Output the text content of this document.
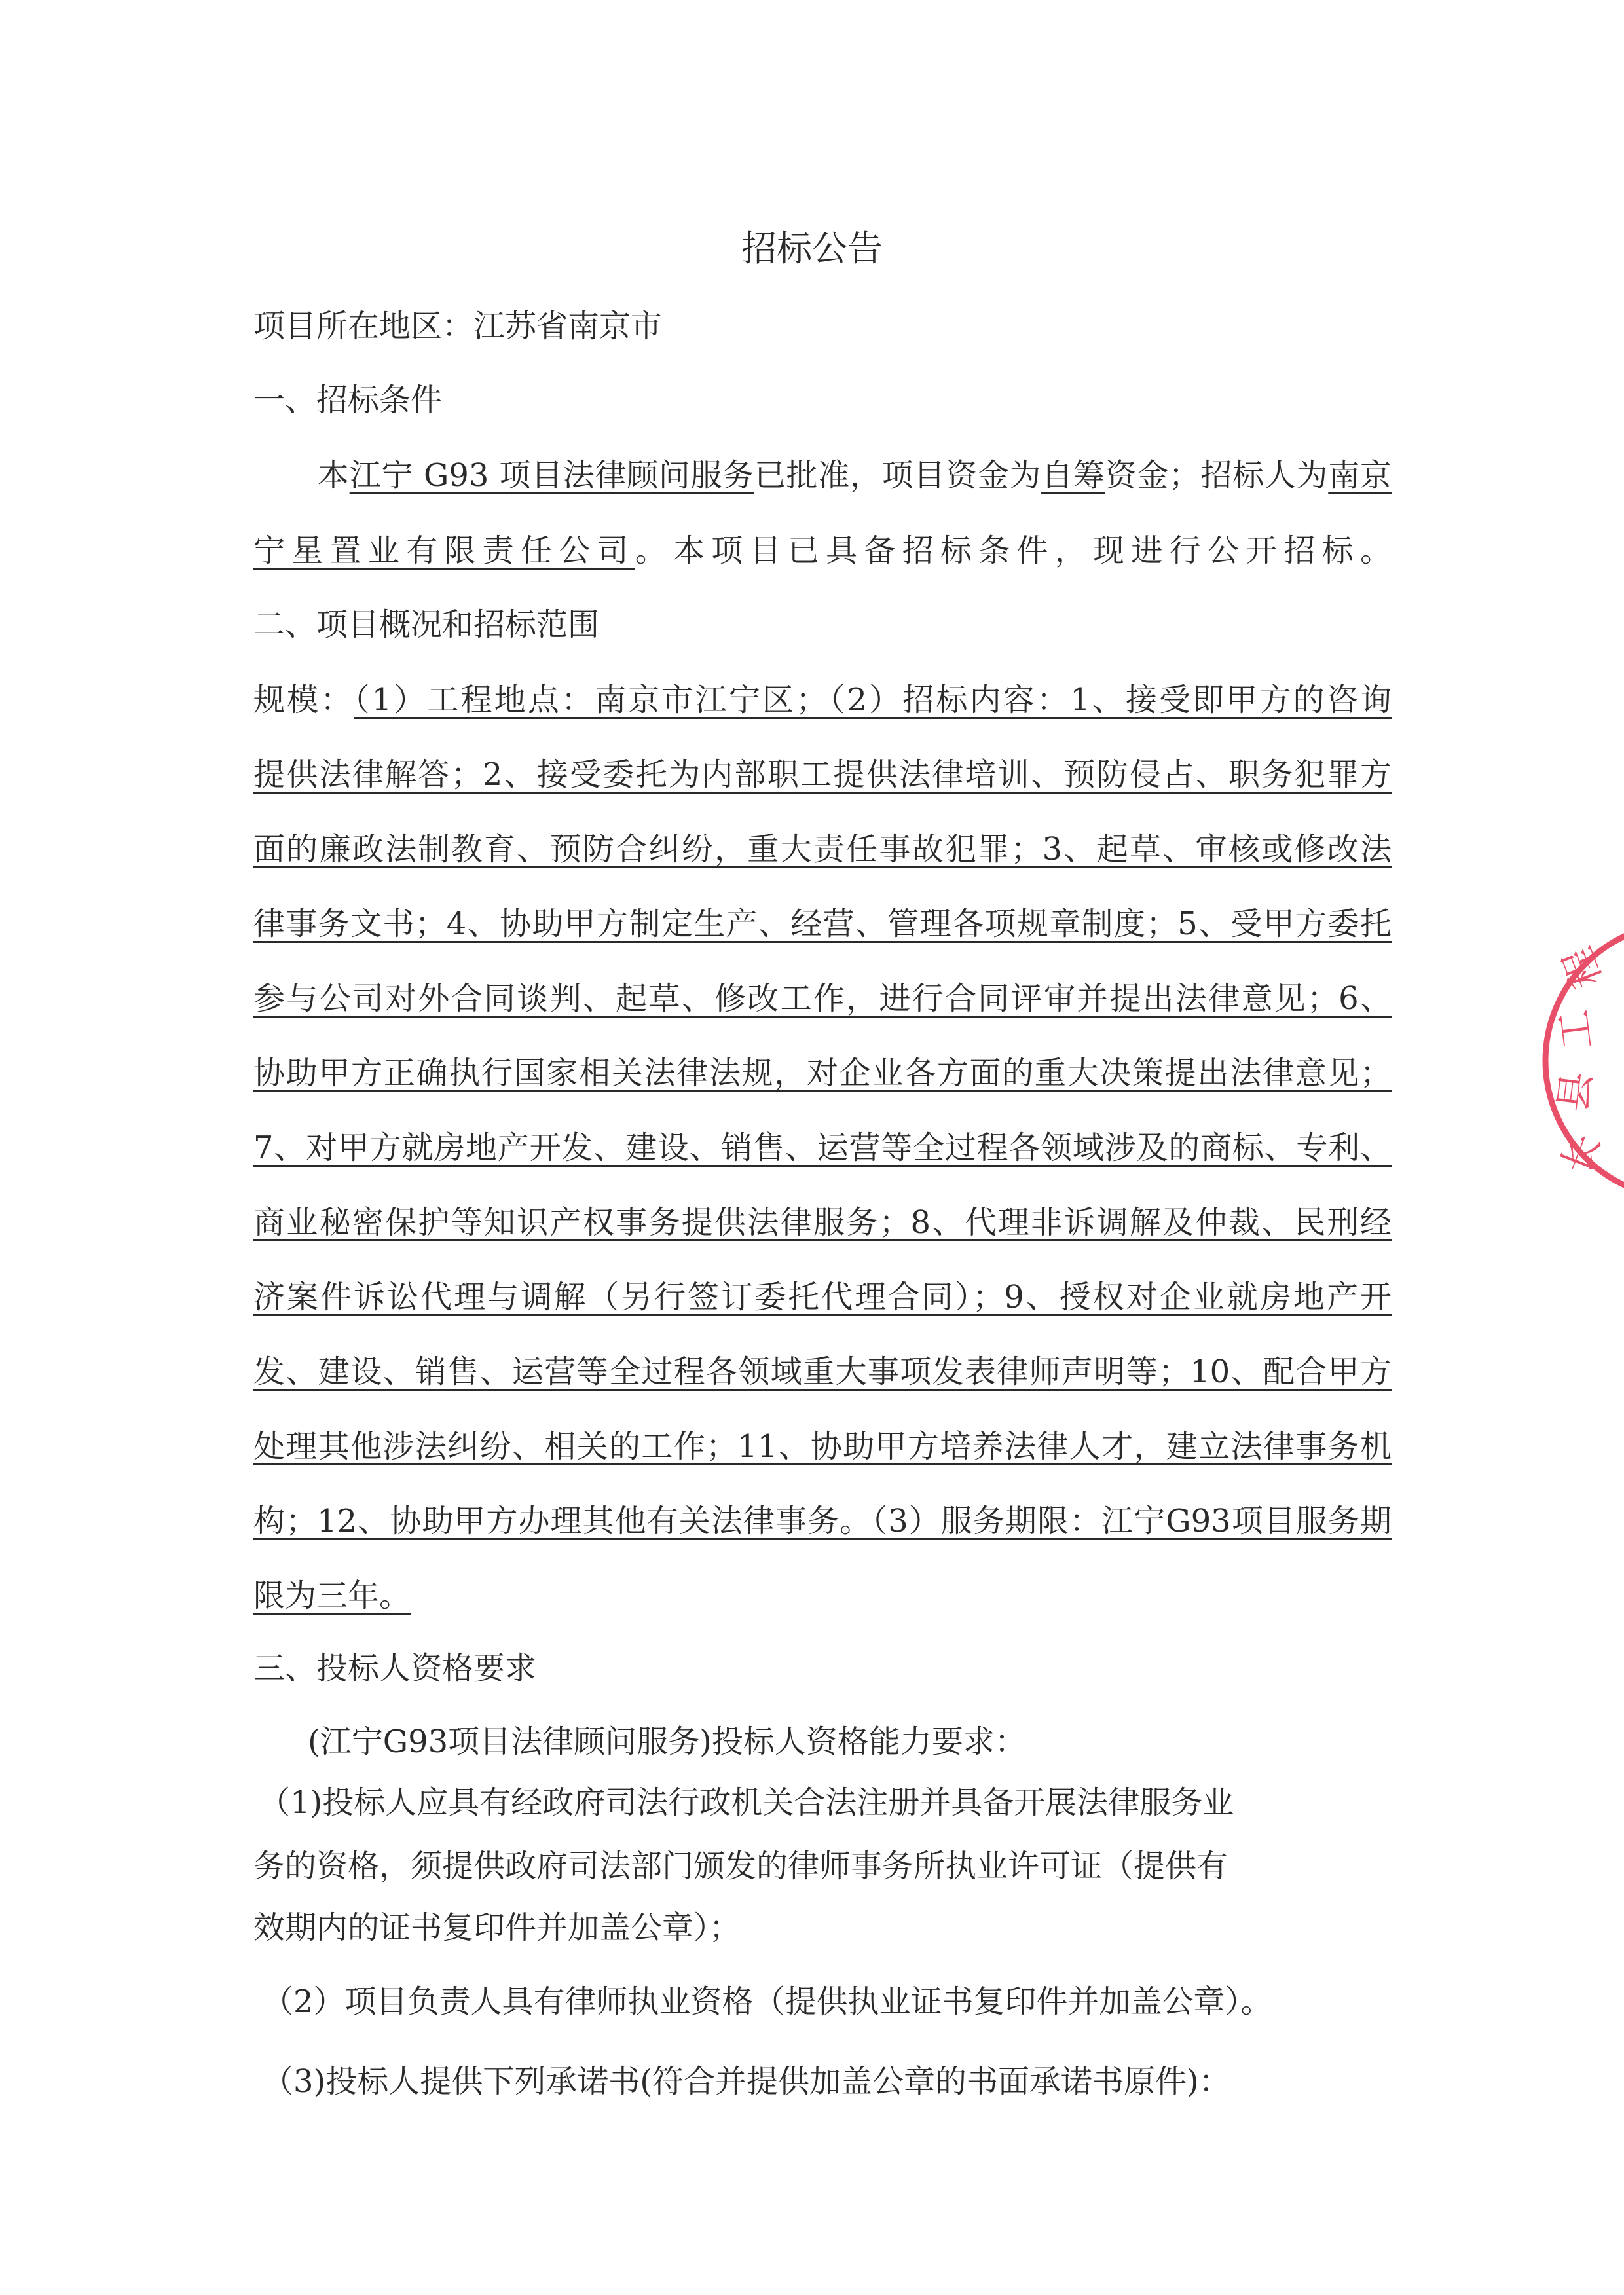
招标公告
项目所在地区：江苏省南京市
一、招标条件
本江宁 G93 项目法律顾问服务已批准，项目资金为自筹资金；招标人为南京
宁星置业有限责任公司。本项目已具备招标条件，现进行公开招标。
二、项目概况和招标范围
规模：（1）工程地点：南京市江宁区；（2）招标内容：1、接受即甲方的咨询
提供法律解答；2、接受委托为内部职工提供法律培训、预防侵占、职务犯罪方
面的廉政法制教育、预防合纠纷，重大责任事故犯罪；3、起草、审核或修改法
律事务文书；4、协助甲方制定生产、经营、管理各项规章制度；5、受甲方委托
参与公司对外合同谈判、起草、修改工作，进行合同评审并提出法律意见；6、
协助甲方正确执行国家相关法律法规，对企业各方面的重大决策提出法律意见；
7、对甲方就房地产开发、建设、销售、运营等全过程各领域涉及的商标、专利、
商业秘密保护等知识产权事务提供法律服务；8、代理非诉调解及仲裁、民刑经
济案件诉讼代理与调解（另行签订委托代理合同）；9、授权对企业就房地产开
发、建设、销售、运营等全过程各领域重大事项发表律师声明等；10、配合甲方
处理其他涉法纠纷、相关的工作；11、协助甲方培养法律人才，建立法律事务机
构；12、协助甲方办理其他有关法律事务。（3）服务期限：江宁G93项目服务期
限为三年。
三、投标人资格要求
(江宁G93项目法律顾问服务)投标人资格能力要求：
（1)投标人应具有经政府司法行政机关合法注册并具备开展法律服务业
务的资格，须提供政府司法部门颁发的律师事务所执业许可证（提供有
效期内的证书复印件并加盖公章）；
（2）项目负责人具有律师执业资格（提供执业证书复印件并加盖公章）。
（3)投标人提供下列承诺书(符合并提供加盖公章的书面承诺书原件)：
长
县
工
程
